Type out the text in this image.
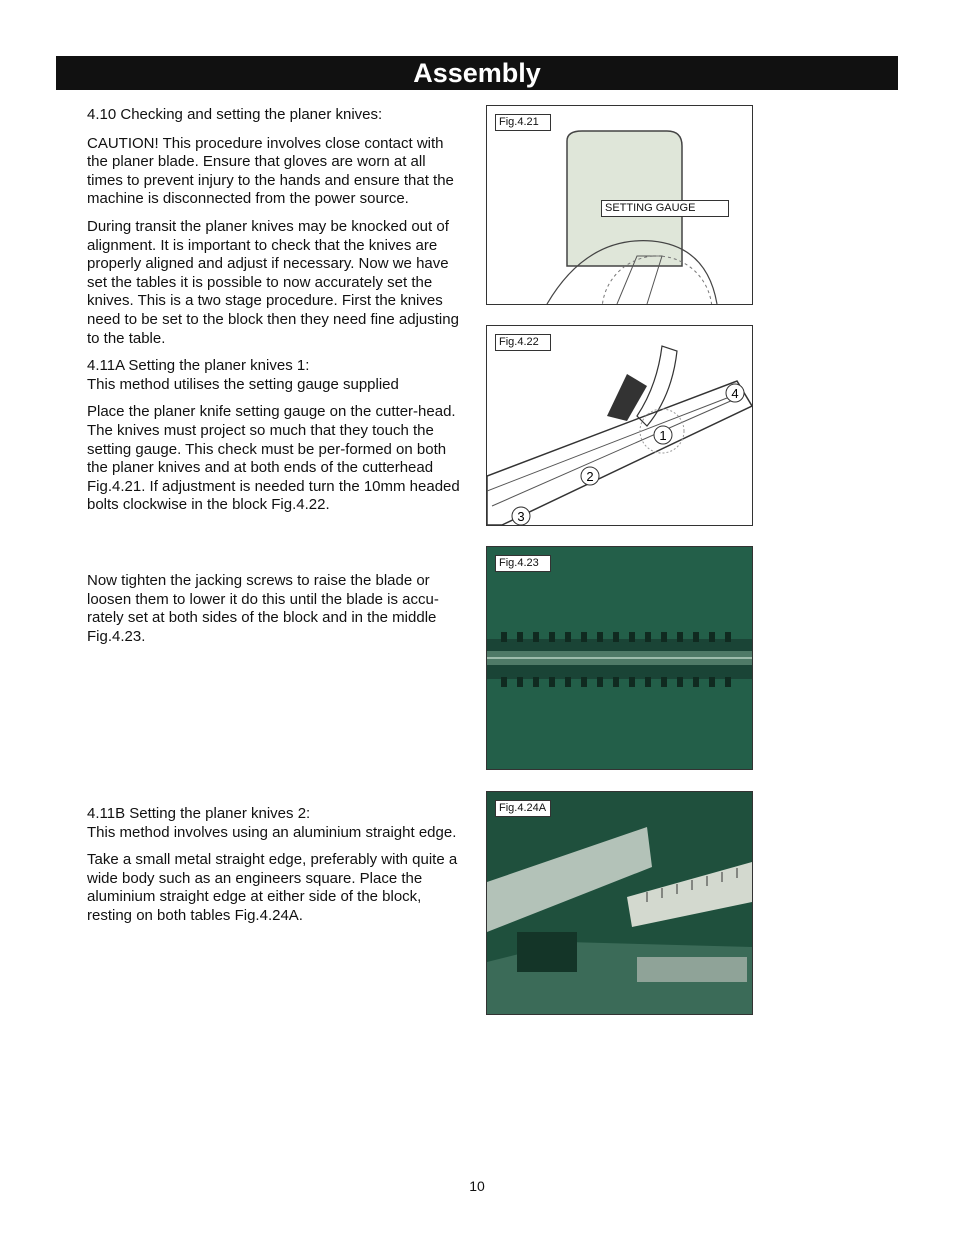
Assembly

4.10 Checking and setting the planer knives:

CAUTION! This procedure involves close contact with the planer blade. Ensure that gloves are worn at all times to prevent injury to the hands and ensure that the machine is disconnected from the power source.

During transit the planer knives may be knocked out of alignment. It is important to check that the knives are properly aligned and adjust if necessary. Now we have set the tables it is possible to now accurately set the knives. This is a two stage procedure. First the knives need to be set to the block then they need fine adjusting to the table.

4.11A Setting the planer knives 1:
This method utilises the setting gauge supplied

Place the planer knife setting gauge on the cutter-head. The knives must project so much that they touch the setting gauge. This check must be per-formed on both the planer knives and at both ends of the cutterhead Fig.4.21. If adjustment is needed turn the 10mm headed bolts clockwise in the block Fig.4.22.

Now tighten the jacking screws to raise the blade or loosen them to lower it do this until the blade is accu-rately set at both sides of the block and in the middle Fig.4.23.

4.11B Setting the planer knives 2:
This method involves using an aluminium straight edge.

Take a small metal straight edge, preferably with quite a wide body such as an engineers square. Place the aluminium straight edge at either side of the block, resting on both tables Fig.4.24A.

Fig.4.21
SETTING GAUGE
1
2
3
4
Fig.4.22
Fig.4.23
Fig.4.24A
10
